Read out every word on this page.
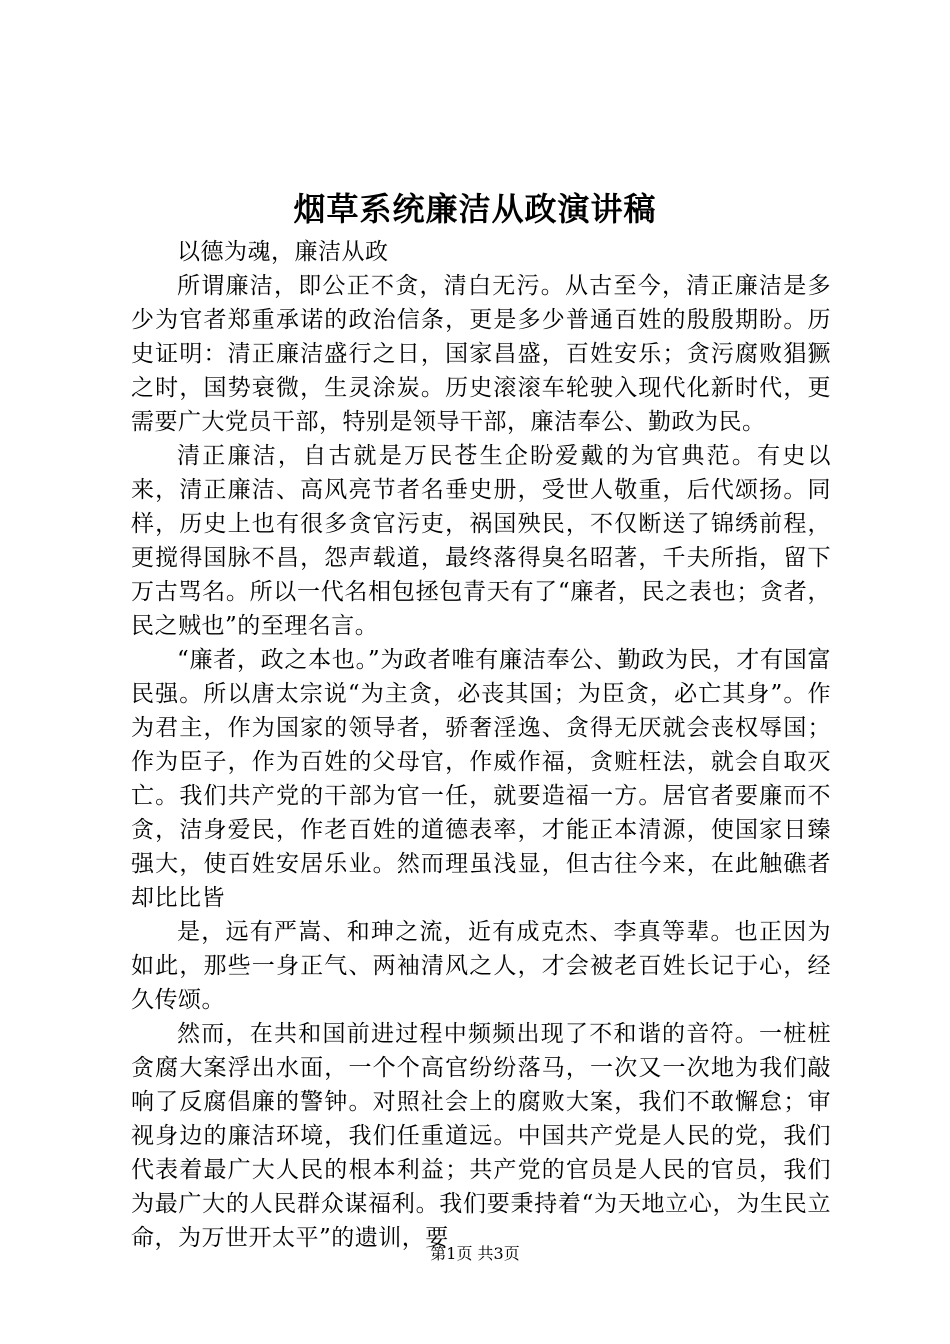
烟草系统廉洁从政演讲稿

以德为魂，廉洁从政

所谓廉洁，即公正不贪，清白无污。从古至今，清正廉洁是多少为官者郑重承诺的政治信条，更是多少普通百姓的殷殷期盼。历史证明：清正廉洁盛行之日，国家昌盛，百姓安乐；贪污腐败猖獗之时，国势衰微，生灵涂炭。历史滚滚车轮驶入现代化新时代，更需要广大党员干部，特别是领导干部，廉洁奉公、勤政为民。

清正廉洁，自古就是万民苍生企盼爱戴的为官典范。有史以来，清正廉洁、高风亮节者名垂史册，受世人敬重，后代颂扬。同样，历史上也有很多贪官污吏，祸国殃民，不仅断送了锦绣前程，更搅得国脉不昌，怨声载道，最终落得臭名昭著，千夫所指，留下万古骂名。所以一代名相包拯包青天有了“廉者，民之表也；贪者，民之贼也”的至理名言。

“廉者，政之本也。”为政者唯有廉洁奉公、勤政为民，才有国富民强。所以唐太宗说“为主贪，必丧其国；为臣贪，必亡其身”。作为君主，作为国家的领导者，骄奢淫逸、贪得无厌就会丧权辱国；作为臣子，作为百姓的父母官，作威作福，贪赃枉法，就会自取灭亡。我们共产党的干部为官一任，就要造福一方。居官者要廉而不贪，洁身爱民，作老百姓的道德表率，才能正本清源，使国家日臻强大，使百姓安居乐业。然而理虽浅显，但古往今来，在此触礁者却比比皆

是，远有严嵩、和珅之流，近有成克杰、李真等辈。也正因为如此，那些一身正气、两袖清风之人，才会被老百姓长记于心，经久传颂。

然而，在共和国前进过程中频频出现了不和谐的音符。一桩桩贪腐大案浮出水面，一个个高官纷纷落马，一次又一次地为我们敲响了反腐倡廉的警钟。对照社会上的腐败大案，我们不敢懈怠；审视身边的廉洁环境，我们任重道远。中国共产党是人民的党，我们代表着最广大人民的根本利益；共产党的官员是人民的官员，我们为最广大的人民群众谋福利。我们要秉持着“为天地立心，为生民立命，为万世开太平”的遗训，要

第1页 共3页
